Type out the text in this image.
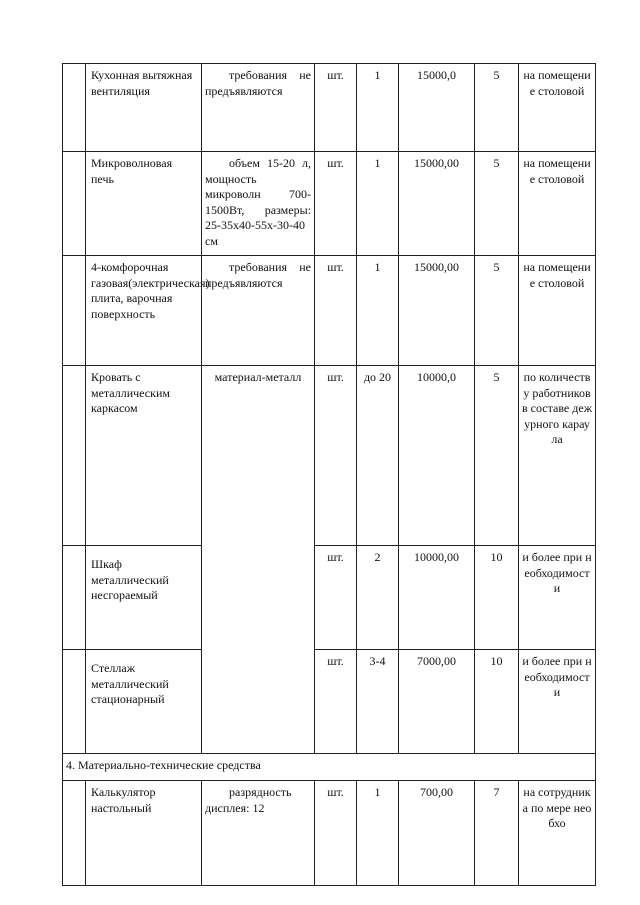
	Кухонная вытяжная вентиляция	требования не предъявляются	шт.	1	15000,0	5	на помещение столовой
	Микроволновая печь	объем 15-20 л, мощность микроволн 700-1500Вт, размеры: 25-35х40-55х-30-40 см	шт.	1	15000,00	5	на помещение столовой
	4-комфорочная газовая(электрическая) плита, варочная поверхность	требования не предъявляются	шт.	1	15000,00	5	на помещение столовой
	Кровать с металлическим каркасом	материал-металл	шт.	до 20	10000,0	5	по количеству работников в составе дежурного караула
	Шкаф металлический несгораемый		шт.	2	10000,00	10	и более при необходимости
	Стеллаж металлический стационарный		шт.	3-4	7000,00	10	и более при необходимости
4. Материально-технические средства							
	Калькулятор настольный	разрядность дисплея: 12	шт.	1	700,00	7	на сотрудника по мере необхо
